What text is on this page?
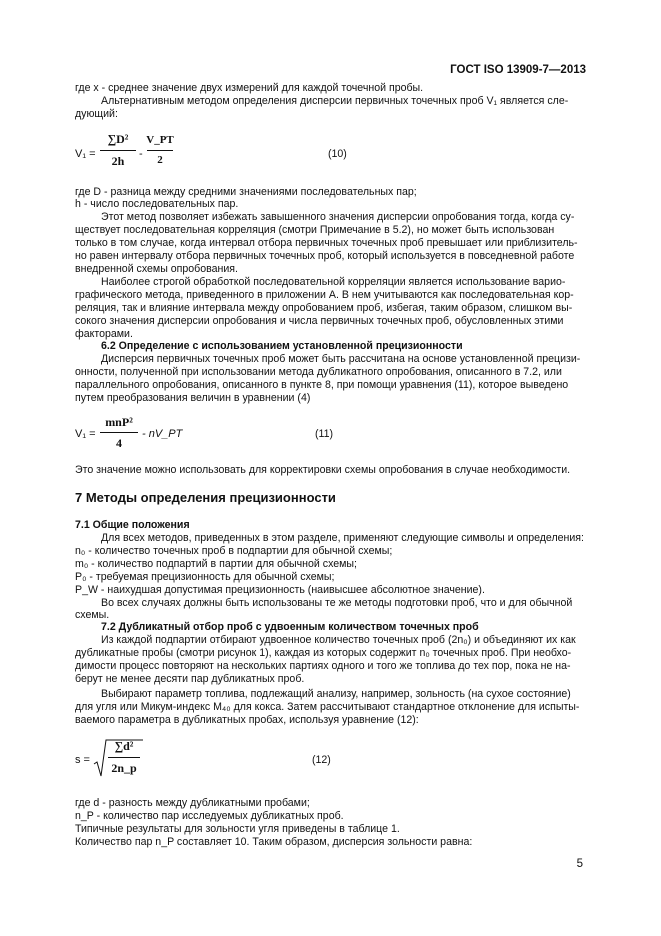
ГОСТ ISO 13909-7—2013
где x - среднее значение двух измерений для каждой точечной пробы.
Альтернативным методом определения дисперсии первичных точечных проб V₁ является сле-
дующий:
V₁ =
∑D²
2h	-
V_PT
2	(10)
где D - разница между средними значениями последовательных пар;
h - число последовательных пар.
Этот метод позволяет избежать завышенного значения дисперсии опробования тогда, когда су-
ществует последовательная корреляция (смотри Примечание в 5.2), но может быть использован
только в том случае, когда интервал отбора первичных точечных проб превышает или приблизитель-
но равен интервалу отбора первичных точечных проб, который используется в повседневной работе
внедренной схемы опробования.
Наиболее строгой обработкой последовательной корреляции является использование варио-
графического метода, приведенного в приложении А. В нем учитываются как последовательная кор-
реляция, так и влияние интервала между опробованием проб, избегая, таким образом, слишком вы-
сокого значения дисперсии опробования и числа первичных точечных проб, обусловленных этими
факторами.
6.2 Определение с использованием установленной прецизионности
Дисперсия первичных точечных проб может быть рассчитана на основе установленной прецизи-
онности, полученной при использовании метода дубликатного опробования, описанного в 7.2, или
параллельного опробования, описанного в пункте 8, при помощи уравнения (11), которое выведено
путем преобразования величин в уравнении (4)
V₁ =
mnP²
4
- nV_PT	(11)
Это значение можно использовать для корректировки схемы опробования в случае необходимости.
7 Методы определения прецизионности
7.1 Общие положения
Для всех методов, приведенных в этом разделе, применяют следующие символы и определения:
n₀ - количество точечных проб в подпартии для обычной схемы;
m₀ - количество подпартий в партии для обычной схемы;
P₀ - требуемая прецизионность для обычной схемы;
P_W - наихудшая допустимая прецизионность (наивысшее абсолютное значение).
Во всех случаях должны быть использованы те же методы подготовки проб, что и для обычной
схемы.
7.2 Дубликатный отбор проб с удвоенным количеством точечных проб
Из каждой подпартии отбирают удвоенное количество точечных проб (2n₀) и объединяют их как
дубликатные пробы (смотри рисунок 1), каждая из которых содержит n₀ точечных проб. При необхо-
димости процесс повторяют на нескольких партиях одного и того же топлива до тех пор, пока не на-
берут не менее десяти пар дубликатных проб.
Выбирают параметр топлива, подлежащий анализу, например, зольность (на сухое состояние)
для угля или Микум-индекс M₄₀ для кокса. Затем рассчитывают стандартное отклонение для испыты-
ваемого параметра в дубликатных пробах, используя уравнение (12):
s =
∑d²
2n_p
(12)
где d - разность между дубликатными пробами;
n_P - количество пар исследуемых дубликатных проб.
Типичные результаты для зольности угля приведены в таблице 1.
Количество пар n_P составляет 10. Таким образом, дисперсия зольности равна:
5
